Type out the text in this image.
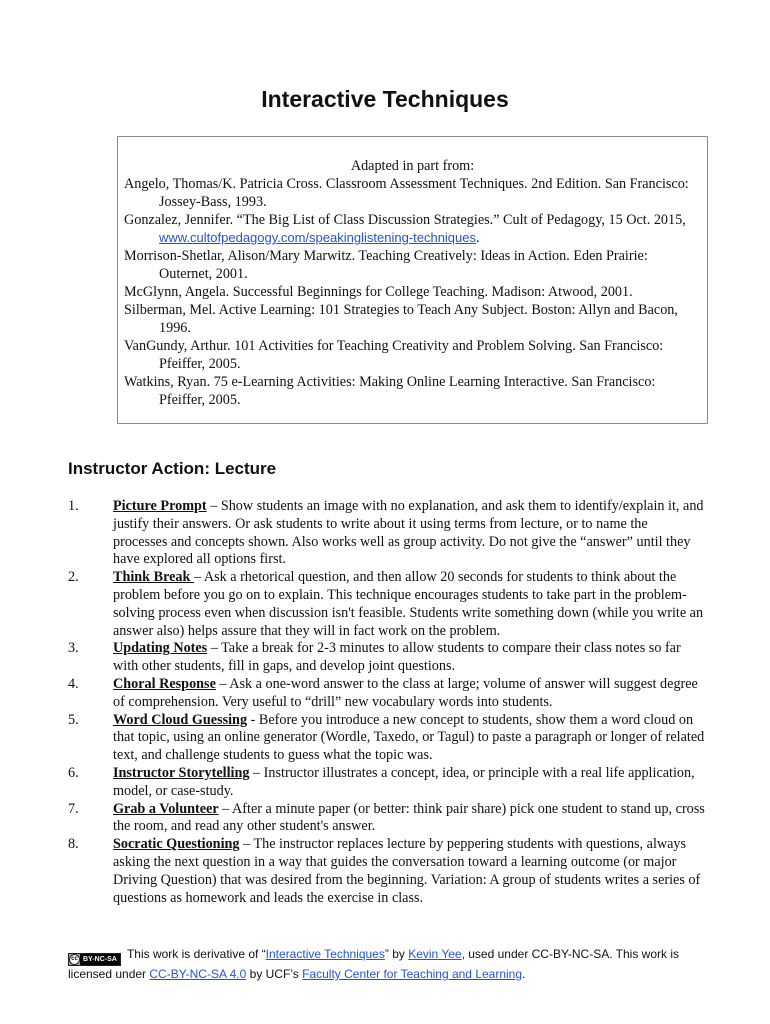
Interactive Techniques
Adapted in part from:
Angelo, Thomas/K. Patricia Cross. Classroom Assessment Techniques. 2nd Edition. San Francisco: Jossey-Bass, 1993.
Gonzalez, Jennifer. “The Big List of Class Discussion Strategies.” Cult of Pedagogy, 15 Oct. 2015, www.cultofpedagogy.com/speakinglistening-techniques.
Morrison-Shetlar, Alison/Mary Marwitz. Teaching Creatively: Ideas in Action. Eden Prairie: Outernet, 2001.
McGlynn, Angela. Successful Beginnings for College Teaching. Madison: Atwood, 2001.
Silberman, Mel. Active Learning: 101 Strategies to Teach Any Subject. Boston: Allyn and Bacon, 1996.
VanGundy, Arthur. 101 Activities for Teaching Creativity and Problem Solving. San Francisco: Pfeiffer, 2005.
Watkins, Ryan. 75 e-Learning Activities: Making Online Learning Interactive. San Francisco: Pfeiffer, 2005.
Instructor Action: Lecture
1.	Picture Prompt – Show students an image with no explanation, and ask them to identify/explain it, and justify their answers. Or ask students to write about it using terms from lecture, or to name the processes and concepts shown. Also works well as group activity. Do not give the “answer” until they have explored all options first.
2.	Think Break – Ask a rhetorical question, and then allow 20 seconds for students to think about the problem before you go on to explain. This technique encourages students to take part in the problem-solving process even when discussion isn't feasible. Students write something down (while you write an answer also) helps assure that they will in fact work on the problem.
3.	Updating Notes – Take a break for 2-3 minutes to allow students to compare their class notes so far with other students, fill in gaps, and develop joint questions.
4.	Choral Response – Ask a one-word answer to the class at large; volume of answer will suggest degree of comprehension. Very useful to “drill” new vocabulary words into students.
5.	Word Cloud Guessing - Before you introduce a new concept to students, show them a word cloud on that topic, using an online generator (Wordle, Taxedo, or Tagul) to paste a paragraph or longer of related text, and challenge students to guess what the topic was.
6.	Instructor Storytelling – Instructor illustrates a concept, idea, or principle with a real life application, model, or case-study.
7.	Grab a Volunteer – After a minute paper (or better: think pair share) pick one student to stand up, cross the room, and read any other student's answer.
8.	Socratic Questioning – The instructor replaces lecture by peppering students with questions, always asking the next question in a way that guides the conversation toward a learning outcome (or major Driving Question) that was desired from the beginning. Variation: A group of students writes a series of questions as homework and leads the exercise in class.
cc BY-NC-SA This work is derivative of “Interactive Techniques” by Kevin Yee, used under CC-BY-NC-SA. This work is licensed under CC-BY-NC-SA 4.0 by UCF’s Faculty Center for Teaching and Learning.
